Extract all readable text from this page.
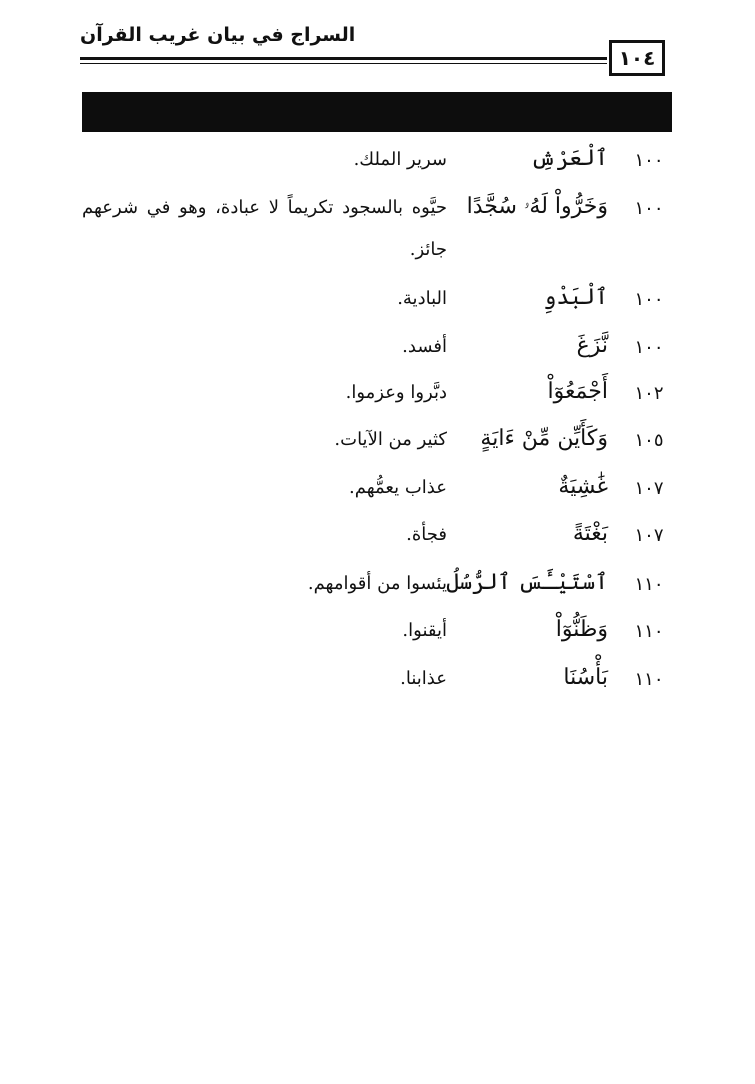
السراج في بيان غريب القرآن
١٠٤
١٠٠
ٱلْعَرْشِ
سرير الملك.
١٠٠
وَخَرُّواْ لَهُۥ سُجَّدًا
حيَّوه بالسجود تكريماً لا عبادة، وهو في شرعهم جائز.
١٠٠
ٱلْبَدْوِ
البادية.
١٠٠
نَّزَغَ
أفسد.
١٠٢
أَجْمَعُوٓاْ
دبَّروا وعزموا.
١٠٥
وَكَأَيِّن مِّنْ ءَايَةٍ
كثير من الآيات.
١٠٧
غَٰشِيَةٌ
عذاب يعمُّهم.
١٠٧
بَغْتَةً
فجأة.
١١٠
ٱسْتَيْـَٔسَ ٱلرُّسُلُ
يئسوا من أقوامهم.
١١٠
وَظَنُّوٓاْ
أيقنوا.
١١٠
بَأْسُنَا
عذابنا.
